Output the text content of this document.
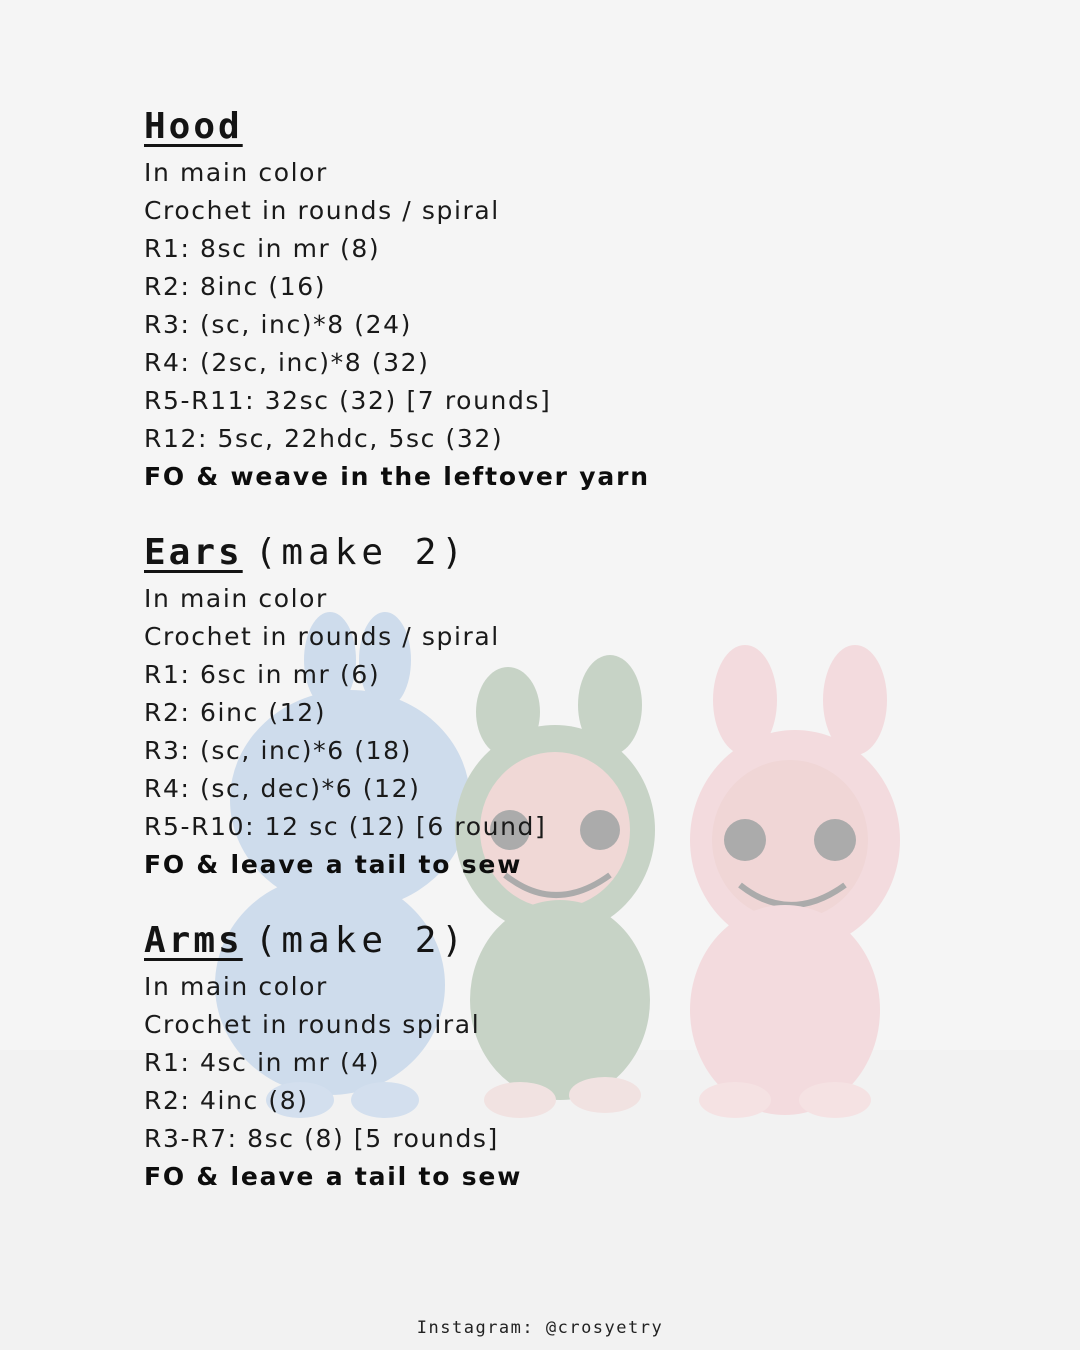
Hood
In main color
Crochet in rounds / spiral
R1: 8sc in mr (8)
R2: 8inc (16)
R3: (sc, inc)*8 (24)
R4: (2sc, inc)*8 (32)
R5-R11: 32sc (32) [7 rounds]
R12: 5sc, 22hdc, 5sc (32)
FO & weave in the leftover yarn
Ears (make 2)
In main color
Crochet in rounds / spiral
R1: 6sc in mr (6)
R2: 6inc (12)
R3: (sc, inc)*6 (18)
R4: (sc, dec)*6 (12)
R5-R10: 12 sc (12) [6 round]
FO & leave a tail to sew
Arms (make 2)
In main color
Crochet in rounds spiral
R1: 4sc in mr (4)
R2: 4inc (8)
R3-R7: 8sc (8) [5 rounds]
FO & leave a tail to sew
Instagram: @crosyetry
